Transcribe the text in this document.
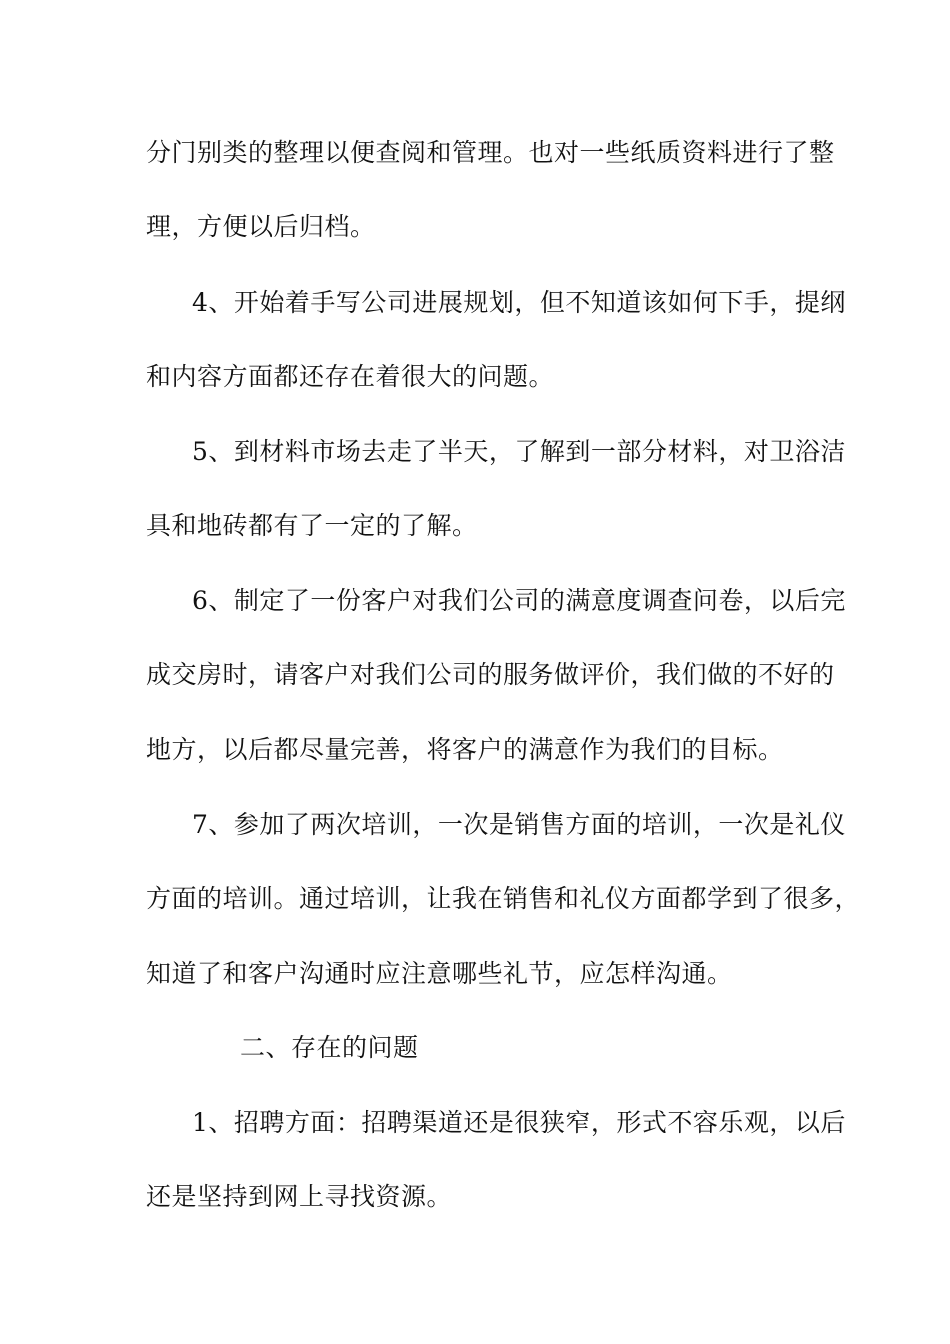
分门别类的整理以便查阅和管理。也对一些纸质资料进行了整
理，方便以后归档。
4、开始着手写公司进展规划，但不知道该如何下手，提纲
和内容方面都还存在着很大的问题。
5、到材料市场去走了半天，了解到一部分材料，对卫浴洁
具和地砖都有了一定的了解。
6、制定了一份客户对我们公司的满意度调查问卷，以后完
成交房时，请客户对我们公司的服务做评价，我们做的不好的
地方，以后都尽量完善，将客户的满意作为我们的目标。
7、参加了两次培训，一次是销售方面的培训，一次是礼仪
方面的培训。通过培训，让我在销售和礼仪方面都学到了很多，
知道了和客户沟通时应注意哪些礼节，应怎样沟通。
二、存在的问题
1、招聘方面：招聘渠道还是很狭窄，形式不容乐观，以后
还是坚持到网上寻找资源。
